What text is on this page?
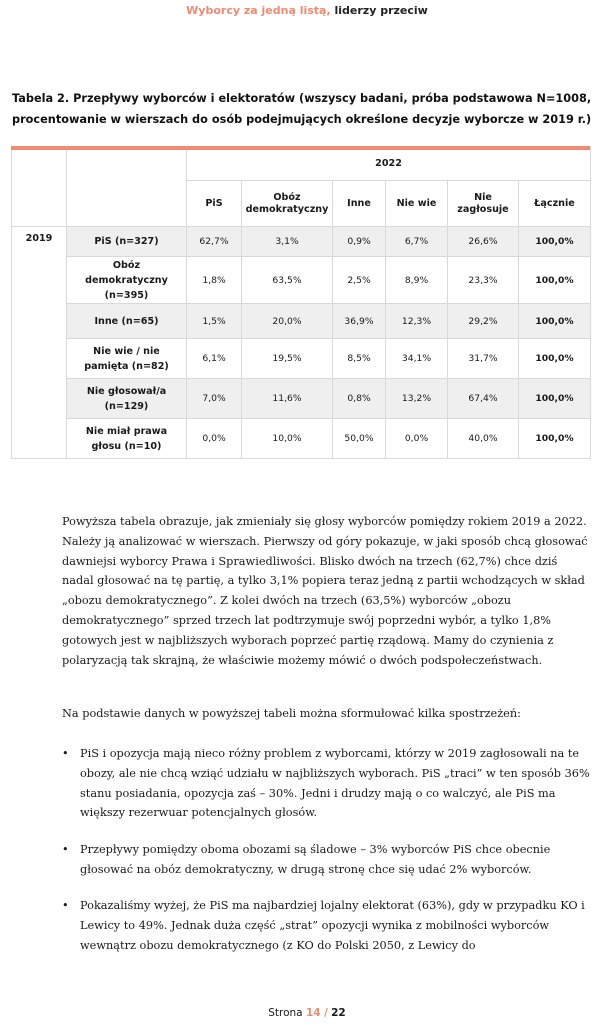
Wyborcy za jedną listą, liderzy przeciw
Tabela 2. Przepływy wyborców i elektoratów (wszyscy badani, próba podstawowa N=1008,
procentowanie w wierszach do osób podejmujących określone decyzje wyborcze w 2019 r.)
		2022					
		PiS	Obóz demokratyczny	Inne	Nie wie	Nie zagłosuje	Łącznie
2019	PiS (n=327)	62,7%	3,1%	0,9%	6,7%	26,6%	100,0%
	Obóz demokratyczny (n=395)	1,8%	63,5%	2,5%	8,9%	23,3%	100,0%
	Inne (n=65)	1,5%	20,0%	36,9%	12,3%	29,2%	100,0%
	Nie wie / nie pamięta (n=82)	6,1%	19,5%	8,5%	34,1%	31,7%	100,0%
	Nie głosował/a (n=129)	7,0%	11,6%	0,8%	13,2%	67,4%	100,0%
	Nie miał prawa głosu (n=10)	0,0%	10,0%	50,0%	0,0%	40,0%	100,0%
Powyższa tabela obrazuje, jak zmieniały się głosy wyborców pomiędzy rokiem 2019 a 2022. Należy ją analizować w wierszach. Pierwszy od góry pokazuje, w jaki sposób chcą głosować dawniejsi wyborcy Prawa i Sprawiedliwości. Blisko dwóch na trzech (62,7%) chce dziś nadal głosować na tę partię, a tylko 3,1% popiera teraz jedną z partii wchodzących w skład „obozu demokratycznego”. Z kolei dwóch na trzech (63,5%) wyborców „obozu demokratycznego” sprzed trzech lat podtrzymuje swój poprzedni wybór, a tylko 1,8% gotowych jest w najbliższych wyborach poprzeć partię rządową. Mamy do czynienia z polaryzacją tak skrajną, że właściwie możemy mówić o dwóch podspołeczeństwach.
Na podstawie danych w powyższej tabeli można sformułować kilka spostrzeżeń:
• PiS i opozycja mają nieco różny problem z wyborcami, którzy w 2019 zagłosowali na te obozy, ale nie chcą wziąć udziału w najbliższych wyborach. PiS „traci” w ten sposób 36% stanu posiadania, opozycja zaś – 30%. Jedni i drudzy mają o co walczyć, ale PiS ma większy rezerwuar potencjalnych głosów.
• Przepływy pomiędzy oboma obozami są śladowe – 3% wyborców PiS chce obecnie głosować na obóz demokratyczny, w drugą stronę chce się udać 2% wyborców.
• Pokazaliśmy wyżej, że PiS ma najbardziej lojalny elektorat (63%), gdy w przypadku KO i Lewicy to 49%. Jednak duża część „strat” opozycji wynika z mobilności wyborców wewnątrz obozu demokratycznego (z KO do Polski 2050, z Lewicy do
Strona 14 / 22
